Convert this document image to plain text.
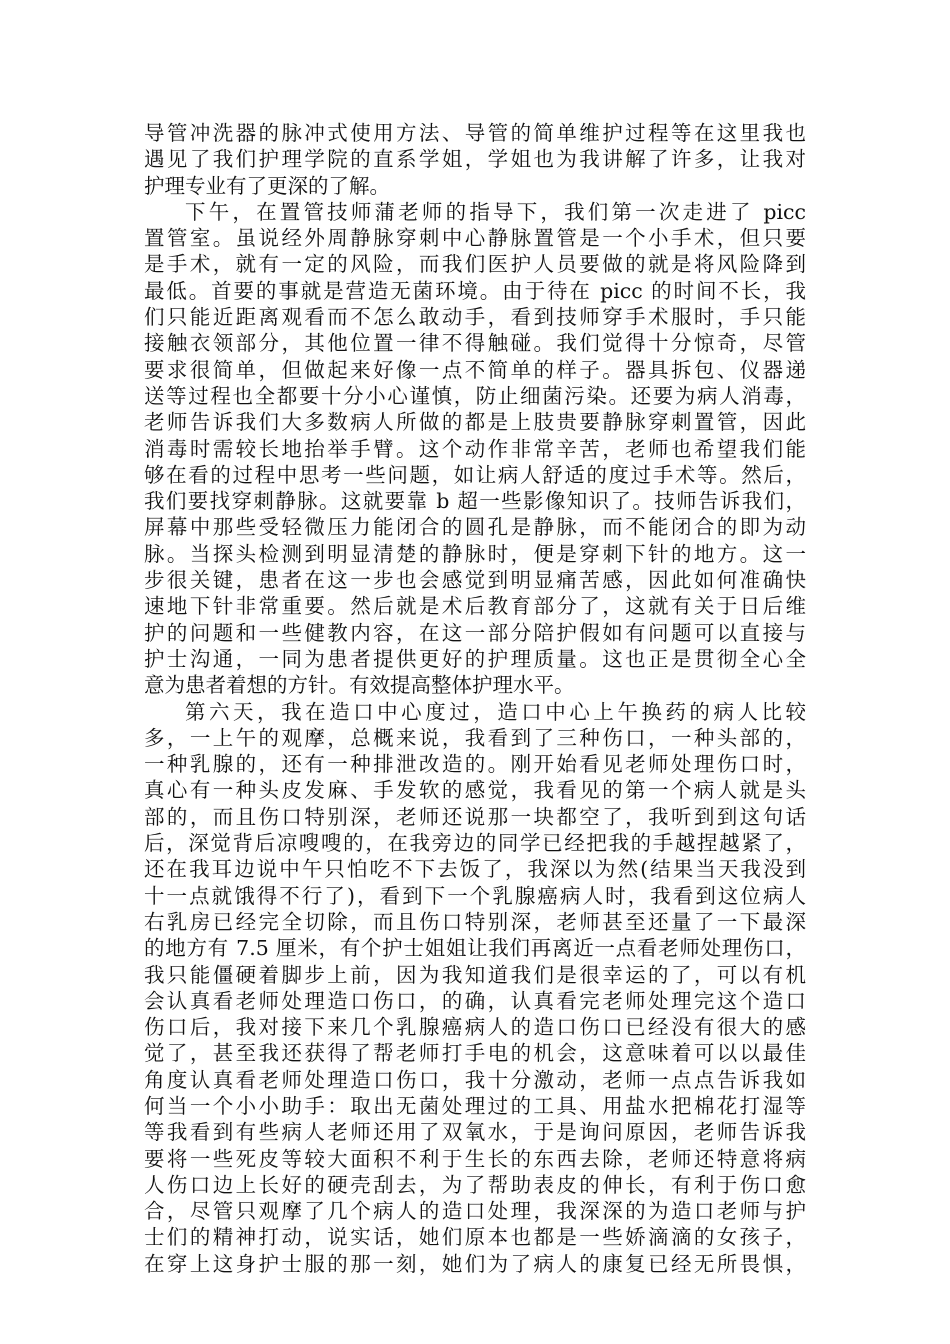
导管冲洗器的脉冲式使用方法、导管的简单维护过程等在这里我也
遇见了我们护理学院的直系学姐，学姐也为我讲解了许多，让我对
护理专业有了更深的了解。
下午，在置管技师蒲老师的指导下，我们第一次走进了 picc
置管室。虽说经外周静脉穿刺中心静脉置管是一个小手术，但只要
是手术，就有一定的风险，而我们医护人员要做的就是将风险降到
最低。首要的事就是营造无菌环境。由于待在 picc 的时间不长，我
们只能近距离观看而不怎么敢动手，看到技师穿手术服时，手只能
接触衣领部分，其他位置一律不得触碰。我们觉得十分惊奇，尽管
要求很简单，但做起来好像一点不简单的样子。器具拆包、仪器递
送等过程也全都要十分小心谨慎，防止细菌污染。还要为病人消毒，
老师告诉我们大多数病人所做的都是上肢贵要静脉穿刺置管，因此
消毒时需较长地抬举手臂。这个动作非常辛苦，老师也希望我们能
够在看的过程中思考一些问题，如让病人舒适的度过手术等。然后，
我们要找穿刺静脉。这就要靠 b 超一些影像知识了。技师告诉我们，
屏幕中那些受轻微压力能闭合的圆孔是静脉，而不能闭合的即为动
脉。当探头检测到明显清楚的静脉时，便是穿刺下针的地方。这一
步很关键，患者在这一步也会感觉到明显痛苦感，因此如何准确快
速地下针非常重要。然后就是术后教育部分了，这就有关于日后维
护的问题和一些健教内容，在这一部分陪护假如有问题可以直接与
护士沟通，一同为患者提供更好的护理质量。这也正是贯彻全心全
意为患者着想的方针。有效提高整体护理水平。
第六天，我在造口中心度过，造口中心上午换药的病人比较
多，一上午的观摩，总概来说，我看到了三种伤口，一种头部的，
一种乳腺的，还有一种排泄改造的。刚开始看见老师处理伤口时，
真心有一种头皮发麻、手发软的感觉，我看见的第一个病人就是头
部的，而且伤口特别深，老师还说那一块都空了，我听到到这句话
后，深觉背后凉嗖嗖的，在我旁边的同学已经把我的手越捏越紧了，
还在我耳边说中午只怕吃不下去饭了，我深以为然(结果当天我没到
十一点就饿得不行了)，看到下一个乳腺癌病人时，我看到这位病人
右乳房已经完全切除，而且伤口特别深，老师甚至还量了一下最深
的地方有 7.5 厘米，有个护士姐姐让我们再离近一点看老师处理伤口，
我只能僵硬着脚步上前，因为我知道我们是很幸运的了，可以有机
会认真看老师处理造口伤口，的确，认真看完老师处理完这个造口
伤口后，我对接下来几个乳腺癌病人的造口伤口已经没有很大的感
觉了，甚至我还获得了帮老师打手电的机会，这意味着可以以最佳
角度认真看老师处理造口伤口，我十分激动，老师一点点告诉我如
何当一个小小助手：取出无菌处理过的工具、用盐水把棉花打湿等
等我看到有些病人老师还用了双氧水，于是询问原因，老师告诉我
要将一些死皮等较大面积不利于生长的东西去除，老师还特意将病
人伤口边上长好的硬壳刮去，为了帮助表皮的伸长，有利于伤口愈
合，尽管只观摩了几个病人的造口处理，我深深的为造口老师与护
士们的精神打动，说实话，她们原本也都是一些娇滴滴的女孩子，
在穿上这身护士服的那一刻，她们为了病人的康复已经无所畏惧，
